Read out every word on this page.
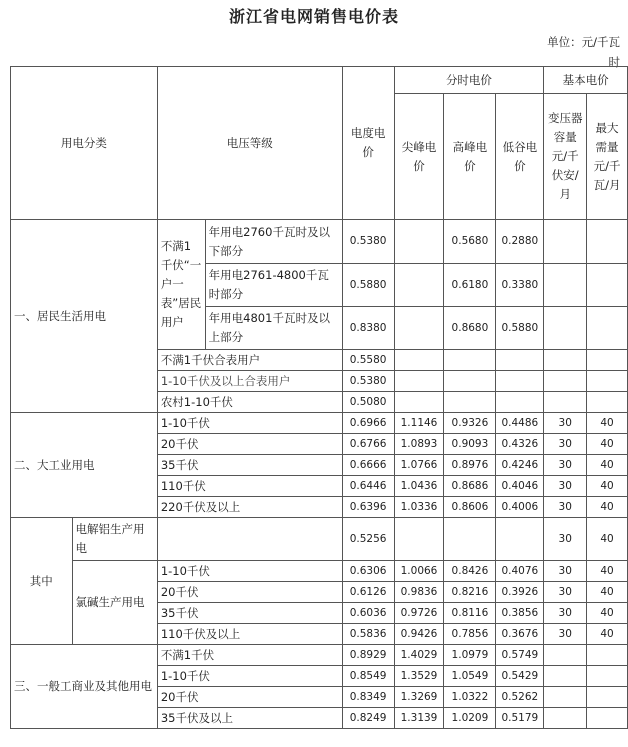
浙江省电网销售电价表
单位：元/千瓦时
用电分类		电压等级		电度电价	分时电价			基本电价	
					尖峰电价	高峰电价	低谷电价	变压器容量元/千伏安/月	最大需量元/千瓦/月
一、居民生活用电		不满1千伏“一户一表”居民用户	年用电2760千瓦时及以下部分	0.5380		0.5680	0.2880		
			年用电2761-4800千瓦时部分	0.5880		0.6180	0.3380		
			年用电4801千瓦时及以上部分	0.8380		0.8680	0.5880		
		不满1千伏合表用户		0.5580					
		1-10千伏及以上合表用户		0.5380					
		农村1-10千伏		0.5080					
二、大工业用电		1-10千伏		0.6966	1.1146	0.9326	0.4486	30	40
		20千伏		0.6766	1.0893	0.9093	0.4326	30	40
		35千伏		0.6666	1.0766	0.8976	0.4246	30	40
		110千伏		0.6446	1.0436	0.8686	0.4046	30	40
		220千伏及以上		0.6396	1.0336	0.8606	0.4006	30	40
其中	电解铝生产用电			0.5256				30	40
	氯碱生产用电	1-10千伏		0.6306	1.0066	0.8426	0.4076	30	40
		20千伏		0.6126	0.9836	0.8216	0.3926	30	40
		35千伏		0.6036	0.9726	0.8116	0.3856	30	40
		110千伏及以上		0.5836	0.9426	0.7856	0.3676	30	40
三、一般工商业及其他用电		不满1千伏		0.8929	1.4029	1.0979	0.5749		
		1-10千伏		0.8549	1.3529	1.0549	0.5429		
		20千伏		0.8349	1.3269	1.0322	0.5262		
		35千伏及以上		0.8249	1.3139	1.0209	0.5179		
